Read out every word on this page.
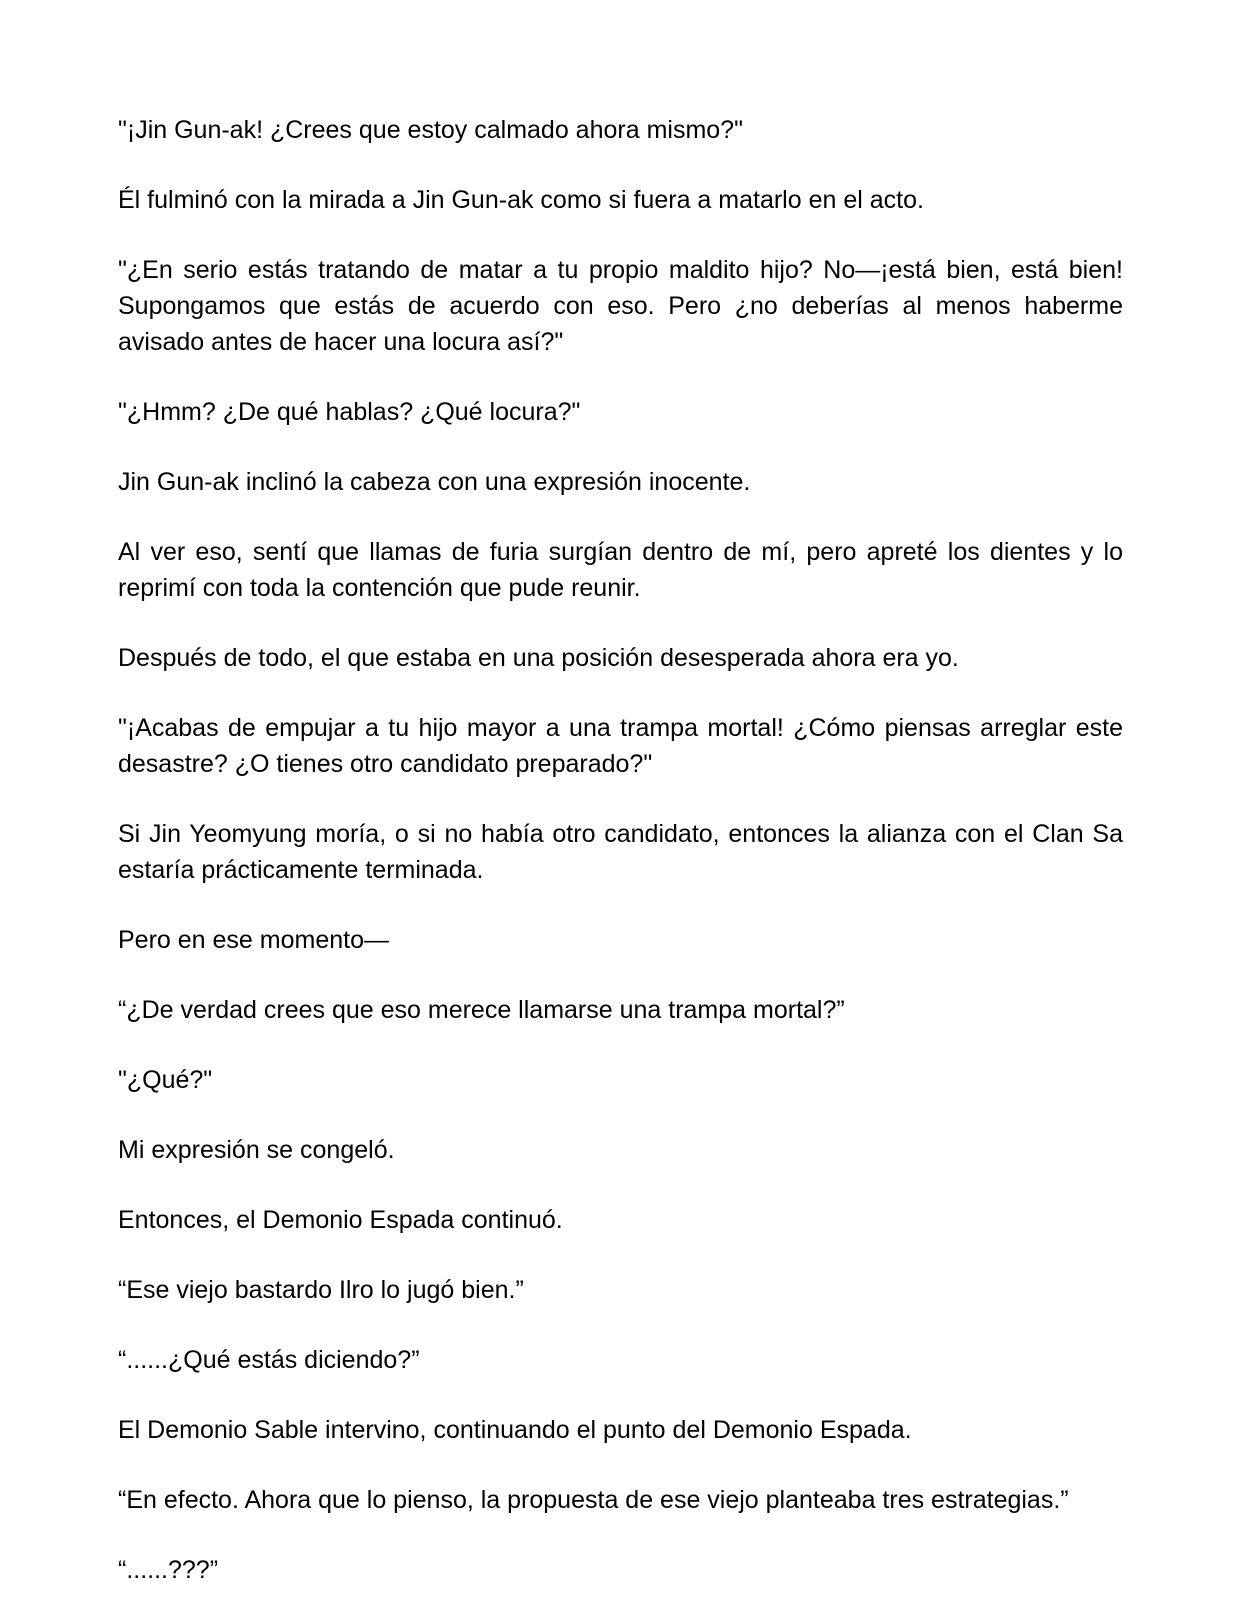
"¡Jin Gun-ak! ¿Crees que estoy calmado ahora mismo?"

Él fulminó con la mirada a Jin Gun-ak como si fuera a matarlo en el acto.

"¿En serio estás tratando de matar a tu propio maldito hijo? No—¡está bien, está bien! Supongamos que estás de acuerdo con eso. Pero ¿no deberías al menos haberme avisado antes de hacer una locura así?"

"¿Hmm? ¿De qué hablas? ¿Qué locura?"

Jin Gun-ak inclinó la cabeza con una expresión inocente.

Al ver eso, sentí que llamas de furia surgían dentro de mí, pero apreté los dientes y lo reprimí con toda la contención que pude reunir.

Después de todo, el que estaba en una posición desesperada ahora era yo.

"¡Acabas de empujar a tu hijo mayor a una trampa mortal! ¿Cómo piensas arreglar este desastre? ¿O tienes otro candidato preparado?"

Si Jin Yeomyung moría, o si no había otro candidato, entonces la alianza con el Clan Sa estaría prácticamente terminada.

Pero en ese momento—

“¿De verdad crees que eso merece llamarse una trampa mortal?”

"¿Qué?"

Mi expresión se congeló.

Entonces, el Demonio Espada continuó.

“Ese viejo bastardo Ilro lo jugó bien.”

“......¿Qué estás diciendo?”

El Demonio Sable intervino, continuando el punto del Demonio Espada.

“En efecto. Ahora que lo pienso, la propuesta de ese viejo planteaba tres estrategias.”

“......???”
